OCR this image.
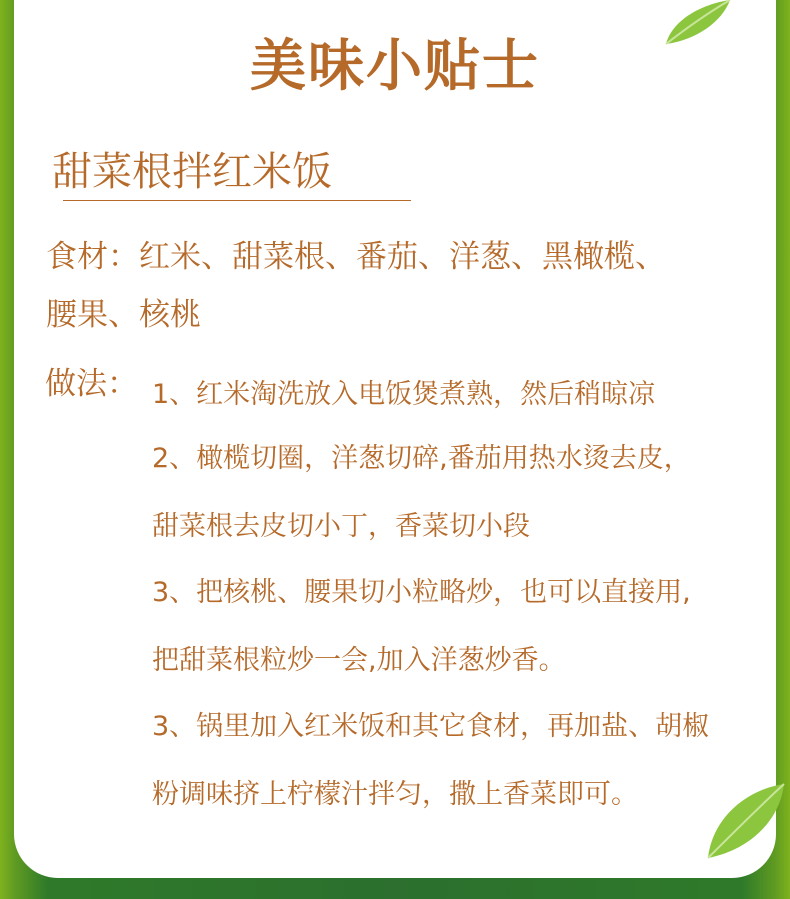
美味小贴士
甜菜根拌红米饭
食材：红米、甜菜根、番茄、洋葱、黑橄榄、
腰果、核桃
做法： 1、红米淘洗放入电饭煲煮熟，然后稍晾凉
2、橄榄切圈，洋葱切碎,番茄用热水烫去皮，
甜菜根去皮切小丁，香菜切小段
3、把核桃、腰果切小粒略炒，也可以直接用,
把甜菜根粒炒一会,加入洋葱炒香。
3、锅里加入红米饭和其它食材，再加盐、胡椒
粉调味挤上柠檬汁拌匀，撒上香菜即可。
